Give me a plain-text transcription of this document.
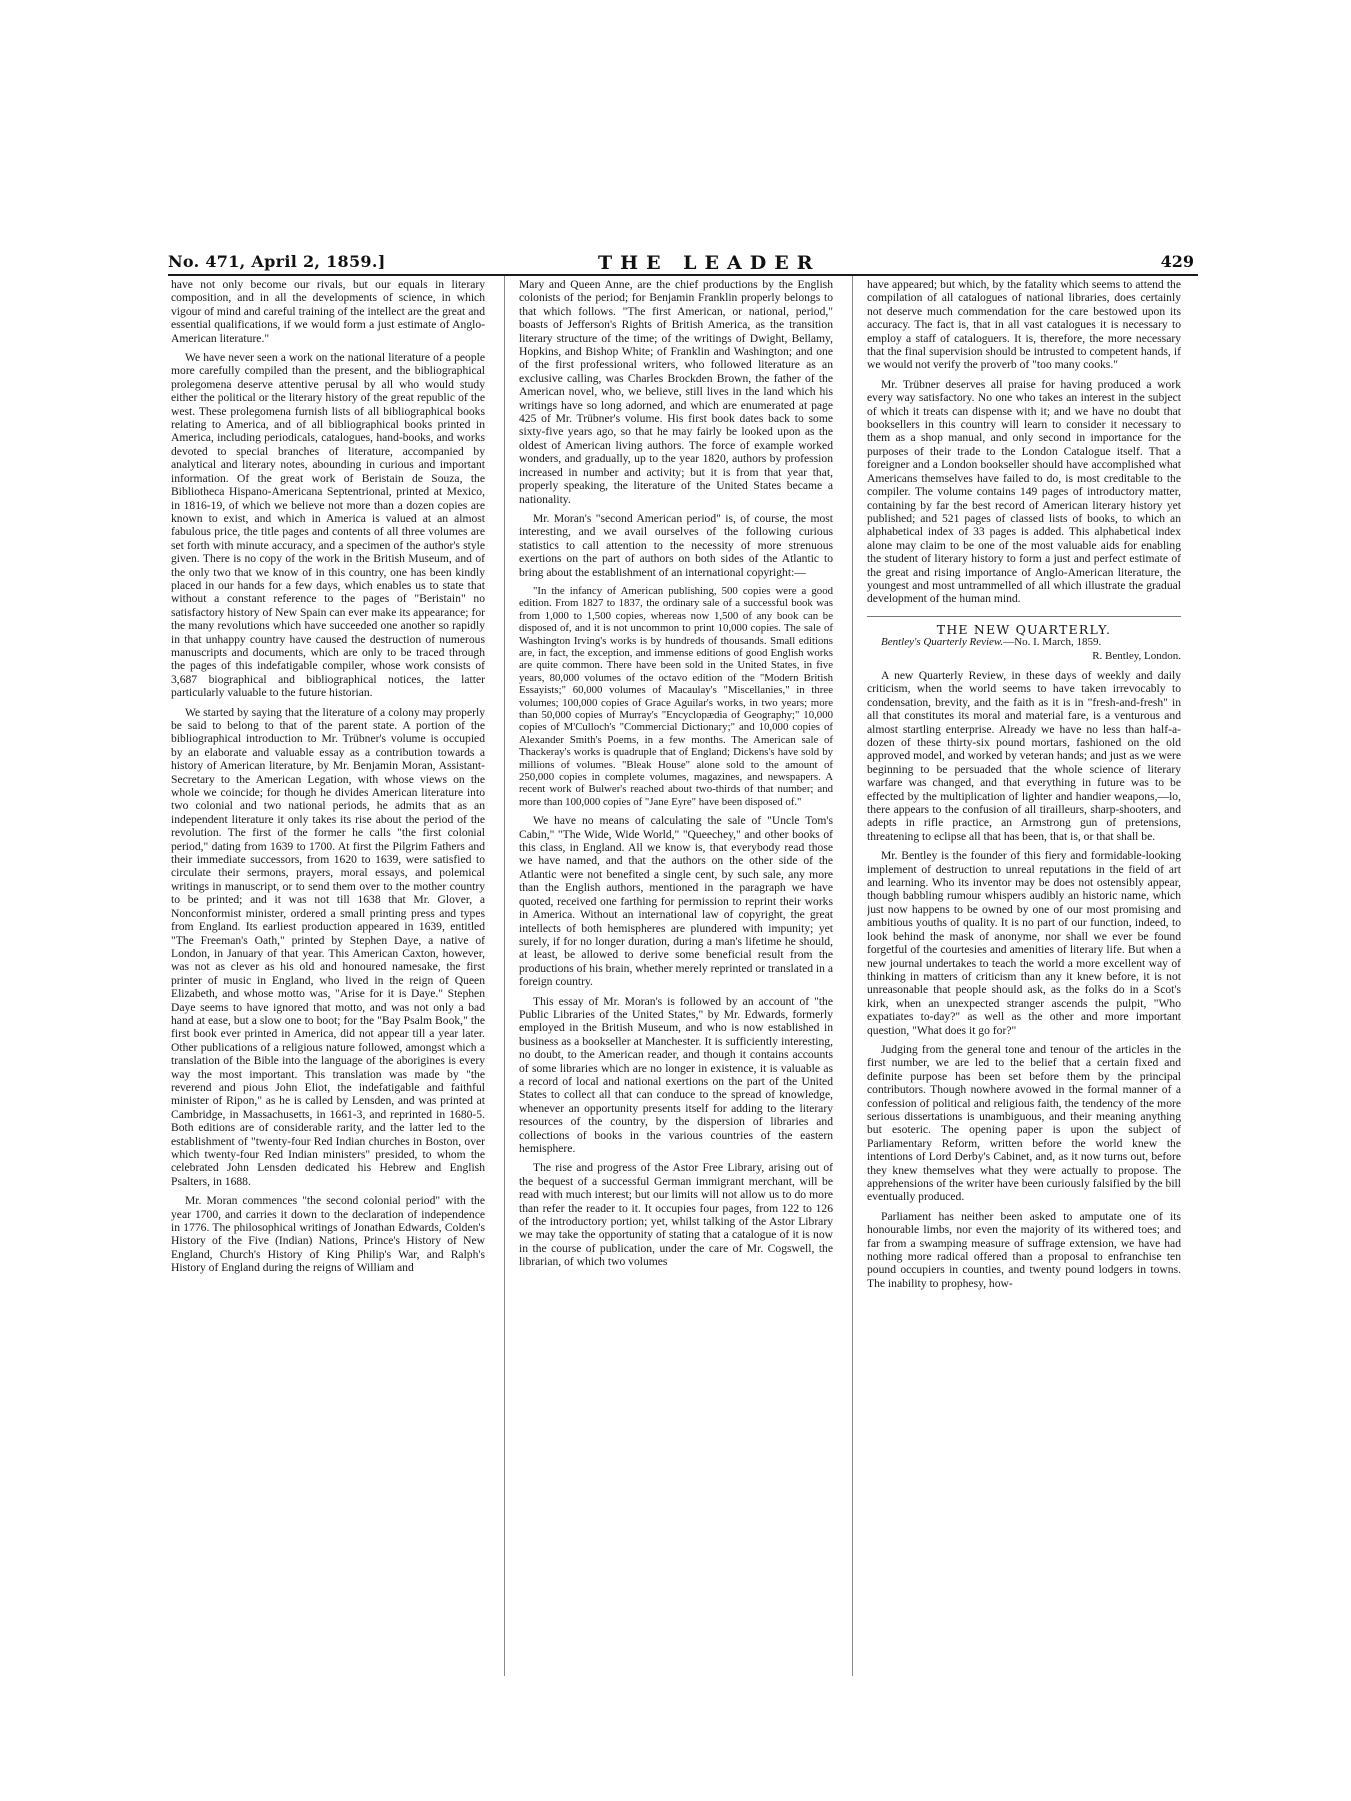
No. 471, April 2, 1859.]	THE LEADER	429

have not only become our rivals, but our equals in literary composition, and in all the developments of science, in which vigour of mind and careful training of the intellect are the great and essential qualifications, if we would form a just estimate of Anglo-American literature."

We have never seen a work on the national literature of a people more carefully compiled than the present, and the bibliographical prolegomena deserve attentive perusal by all who would study either the political or the literary history of the great republic of the west. These prolegomena furnish lists of all bibliographical books relating to America, and of all bibliographical books printed in America, including periodicals, catalogues, hand-books, and works devoted to special branches of literature, accompanied by analytical and literary notes, abounding in curious and important information. Of the great work of Beristain de Souza, the Bibliotheca Hispano-Americana Septentrional, printed at Mexico, in 1816-19, of which we believe not more than a dozen copies are known to exist, and which in America is valued at an almost fabulous price, the title pages and contents of all three volumes are set forth with minute accuracy, and a specimen of the author's style given. There is no copy of the work in the British Museum, and of the only two that we know of in this country, one has been kindly placed in our hands for a few days, which enables us to state that without a constant reference to the pages of "Beristain" no satisfactory history of New Spain can ever make its appearance; for the many revolutions which have succeeded one another so rapidly in that unhappy country have caused the destruction of numerous manuscripts and documents, which are only to be traced through the pages of this indefatigable compiler, whose work consists of 3,687 biographical and bibliographical notices, the latter particularly valuable to the future historian.

We started by saying that the literature of a colony may properly be said to belong to that of the parent state. A portion of the bibliographical introduction to Mr. Trübner's volume is occupied by an elaborate and valuable essay as a contribution towards a history of American literature, by Mr. Benjamin Moran, Assistant-Secretary to the American Legation, with whose views on the whole we coincide; for though he divides American literature into two colonial and two national periods, he admits that as an independent literature it only takes its rise about the period of the revolution. The first of the former he calls "the first colonial period," dating from 1639 to 1700. At first the Pilgrim Fathers and their immediate successors, from 1620 to 1639, were satisfied to circulate their sermons, prayers, moral essays, and polemical writings in manuscript, or to send them over to the mother country to be printed; and it was not till 1638 that Mr. Glover, a Nonconformist minister, ordered a small printing press and types from England. Its earliest production appeared in 1639, entitled "The Freeman's Oath," printed by Stephen Daye, a native of London, in January of that year. This American Caxton, however, was not as clever as his old and honoured namesake, the first printer of music in England, who lived in the reign of Queen Elizabeth, and whose motto was, "Arise for it is Daye." Stephen Daye seems to have ignored that motto, and was not only a bad hand at ease, but a slow one to boot; for the "Bay Psalm Book," the first book ever printed in America, did not appear till a year later. Other publications of a religious nature followed, amongst which a translation of the Bible into the language of the aborigines is every way the most important. This translation was made by "the reverend and pious John Eliot, the indefatigable and faithful minister of Ripon," as he is called by Lensden, and was printed at Cambridge, in Massachusetts, in 1661-3, and reprinted in 1680-5. Both editions are of considerable rarity, and the latter led to the establishment of "twenty-four Red Indian churches in Boston, over which twenty-four Red Indian ministers" presided, to whom the celebrated John Lensden dedicated his Hebrew and English Psalters, in 1688.

Mr. Moran commences "the second colonial period" with the year 1700, and carries it down to the declaration of independence in 1776. The philosophical writings of Jonathan Edwards, Colden's History of the Five (Indian) Nations, Prince's History of New England, Church's History of King Philip's War, and Ralph's History of England during the reigns of William and

Mary and Queen Anne, are the chief productions by the English colonists of the period; for Benjamin Franklin properly belongs to that which follows. "The first American, or national, period," boasts of Jefferson's Rights of British America, as the transition literary structure of the time; of the writings of Dwight, Bellamy, Hopkins, and Bishop White; of Franklin and Washington; and one of the first professional writers, who followed literature as an exclusive calling, was Charles Brockden Brown, the father of the American novel, who, we believe, still lives in the land which his writings have so long adorned, and which are enumerated at page 425 of Mr. Trübner's volume. His first book dates back to some sixty-five years ago, so that he may fairly be looked upon as the oldest of American living authors. The force of example worked wonders, and gradually, up to the year 1820, authors by profession increased in number and activity; but it is from that year that, properly speaking, the literature of the United States became a nationality.

Mr. Moran's "second American period" is, of course, the most interesting, and we avail ourselves of the following curious statistics to call attention to the necessity of more strenuous exertions on the part of authors on both sides of the Atlantic to bring about the establishment of an international copyright:—

"In the infancy of American publishing, 500 copies were a good edition. From 1827 to 1837, the ordinary sale of a successful book was from 1,000 to 1,500 copies, whereas now 1,500 of any book can be disposed of, and it is not uncommon to print 10,000 copies. The sale of Washington Irving's works is by hundreds of thousands. Small editions are, in fact, the exception, and immense editions of good English works are quite common. There have been sold in the United States, in five years, 80,000 volumes of the octavo edition of the "Modern British Essayists;" 60,000 volumes of Macaulay's "Miscellanies," in three volumes; 100,000 copies of Grace Aguilar's works, in two years; more than 50,000 copies of Murray's "Encyclopædia of Geography;" 10,000 copies of M'Culloch's "Commercial Dictionary;" and 10,000 copies of Alexander Smith's Poems, in a few months. The American sale of Thackeray's works is quadruple that of England; Dickens's have sold by millions of volumes. "Bleak House" alone sold to the amount of 250,000 copies in complete volumes, magazines, and newspapers. A recent work of Bulwer's reached about two-thirds of that number; and more than 100,000 copies of "Jane Eyre" have been disposed of."

We have no means of calculating the sale of "Uncle Tom's Cabin," "The Wide, Wide World," "Queechey," and other books of this class, in England. All we know is, that everybody read those we have named, and that the authors on the other side of the Atlantic were not benefited a single cent, by such sale, any more than the English authors, mentioned in the paragraph we have quoted, received one farthing for permission to reprint their works in America. Without an international law of copyright, the great intellects of both hemispheres are plundered with impunity; yet surely, if for no longer duration, during a man's lifetime he should, at least, be allowed to derive some beneficial result from the productions of his brain, whether merely reprinted or translated in a foreign country.

This essay of Mr. Moran's is followed by an account of "the Public Libraries of the United States," by Mr. Edwards, formerly employed in the British Museum, and who is now established in business as a bookseller at Manchester. It is sufficiently interesting, no doubt, to the American reader, and though it contains accounts of some libraries which are no longer in existence, it is valuable as a record of local and national exertions on the part of the United States to collect all that can conduce to the spread of knowledge, whenever an opportunity presents itself for adding to the literary resources of the country, by the dispersion of libraries and collections of books in the various countries of the eastern hemisphere.

The rise and progress of the Astor Free Library, arising out of the bequest of a successful German immigrant merchant, will be read with much interest; but our limits will not allow us to do more than refer the reader to it. It occupies four pages, from 122 to 126 of the introductory portion; yet, whilst talking of the Astor Library we may take the opportunity of stating that a catalogue of it is now in the course of publication, under the care of Mr. Cogswell, the librarian, of which two volumes

have appeared; but which, by the fatality which seems to attend the compilation of all catalogues of national libraries, does certainly not deserve much commendation for the care bestowed upon its accuracy. The fact is, that in all vast catalogues it is necessary to employ a staff of cataloguers. It is, therefore, the more necessary that the final supervision should be intrusted to competent hands, if we would not verify the proverb of "too many cooks."

Mr. Trübner deserves all praise for having produced a work every way satisfactory. No one who takes an interest in the subject of which it treats can dispense with it; and we have no doubt that booksellers in this country will learn to consider it necessary to them as a shop manual, and only second in importance for the purposes of their trade to the London Catalogue itself. That a foreigner and a London bookseller should have accomplished what Americans themselves have failed to do, is most creditable to the compiler. The volume contains 149 pages of introductory matter, containing by far the best record of American literary history yet published; and 521 pages of classed lists of books, to which an alphabetical index of 33 pages is added. This alphabetical index alone may claim to be one of the most valuable aids for enabling the student of literary history to form a just and perfect estimate of the great and rising importance of Anglo-American literature, the youngest and most untrammelled of all which illustrate the gradual development of the human mind.

THE NEW QUARTERLY.

Bentley's Quarterly Review.—No. I. March, 1859.

R. Bentley, London.

A new Quarterly Review, in these days of weekly and daily criticism, when the world seems to have taken irrevocably to condensation, brevity, and the faith as it is in "fresh-and-fresh" in all that constitutes its moral and material fare, is a venturous and almost startling enterprise. Already we have no less than half-a-dozen of these thirty-six pound mortars, fashioned on the old approved model, and worked by veteran hands; and just as we were beginning to be persuaded that the whole science of literary warfare was changed, and that everything in future was to be effected by the multiplication of lighter and handier weapons,—lo, there appears to the confusion of all tirailleurs, sharp-shooters, and adepts in rifle practice, an Armstrong gun of pretensions, threatening to eclipse all that has been, that is, or that shall be.

Mr. Bentley is the founder of this fiery and formidable-looking implement of destruction to unreal reputations in the field of art and learning. Who its inventor may be does not ostensibly appear, though babbling rumour whispers audibly an historic name, which just now happens to be owned by one of our most promising and ambitious youths of quality. It is no part of our function, indeed, to look behind the mask of anonyme, nor shall we ever be found forgetful of the courtesies and amenities of literary life. But when a new journal undertakes to teach the world a more excellent way of thinking in matters of criticism than any it knew before, it is not unreasonable that people should ask, as the folks do in a Scot's kirk, when an unexpected stranger ascends the pulpit, "Who expatiates to-day?" as well as the other and more important question, "What does it go for?"

Judging from the general tone and tenour of the articles in the first number, we are led to the belief that a certain fixed and definite purpose has been set before them by the principal contributors. Though nowhere avowed in the formal manner of a confession of political and religious faith, the tendency of the more serious dissertations is unambiguous, and their meaning anything but esoteric. The opening paper is upon the subject of Parliamentary Reform, written before the world knew the intentions of Lord Derby's Cabinet, and, as it now turns out, before they knew themselves what they were actually to propose. The apprehensions of the writer have been curiously falsified by the bill eventually produced.

Parliament has neither been asked to amputate one of its honourable limbs, nor even the majority of its withered toes; and far from a swamping measure of suffrage extension, we have had nothing more radical offered than a proposal to enfranchise ten pound occupiers in counties, and twenty pound lodgers in towns. The inability to prophesy, how-
